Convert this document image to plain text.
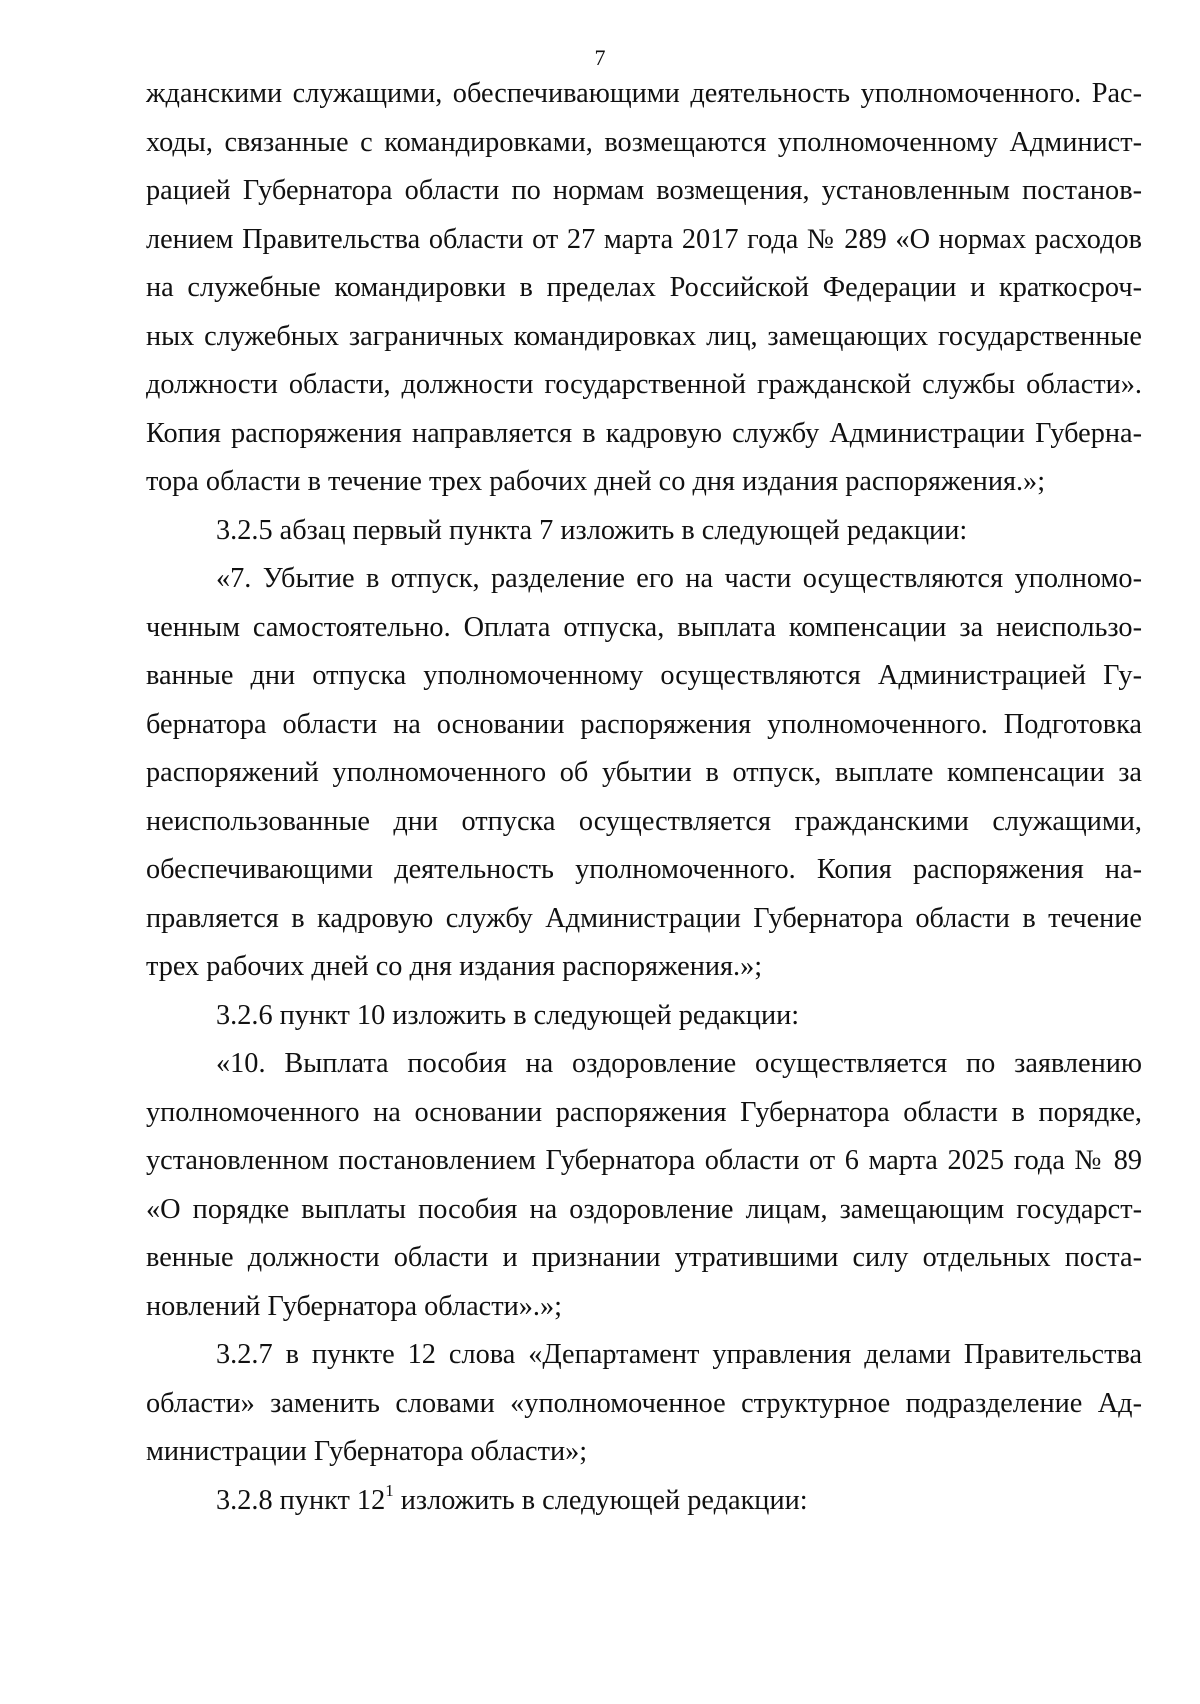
7
жданскими служащими, обеспечивающими деятельность уполномоченного. Рас-
ходы, связанные с командировками, возмещаются уполномоченному Админист-
рацией Губернатора области по нормам возмещения, установленным постанов-
лением Правительства области от 27 марта 2017 года № 289 «О нормах расходов
на служебные командировки в пределах Российской Федерации и краткосроч-
ных служебных заграничных командировках лиц, замещающих государственные
должности области, должности государственной гражданской службы области».
Копия распоряжения направляется в кадровую службу Администрации Губерна-
тора области в течение трех рабочих дней со дня издания распоряжения.»;
3.2.5 абзац первый пункта 7 изложить в следующей редакции:
«7. Убытие в отпуск, разделение его на части осуществляются уполномо-
ченным самостоятельно. Оплата отпуска, выплата компенсации за неиспользо-
ванные дни отпуска уполномоченному осуществляются Администрацией Гу-
бернатора области на основании распоряжения уполномоченного. Подготовка
распоряжений уполномоченного об убытии в отпуск, выплате компенсации за
неиспользованные дни отпуска осуществляется гражданскими служащими,
обеспечивающими деятельность уполномоченного. Копия распоряжения на-
правляется в кадровую службу Администрации Губернатора области в течение
трех рабочих дней со дня издания распоряжения.»;
3.2.6 пункт 10 изложить в следующей редакции:
«10. Выплата пособия на оздоровление осуществляется по заявлению
уполномоченного на основании распоряжения Губернатора области в порядке,
установленном постановлением Губернатора области от 6 марта 2025 года № 89
«О порядке выплаты пособия на оздоровление лицам, замещающим государст-
венные должности области и признании утратившими силу отдельных поста-
новлений Губернатора области».»;
3.2.7 в пункте 12 слова «Департамент управления делами Правительства
области» заменить словами «уполномоченное структурное подразделение Ад-
министрации Губернатора области»;
3.2.8 пункт $12^1$ изложить в следующей редакции:
